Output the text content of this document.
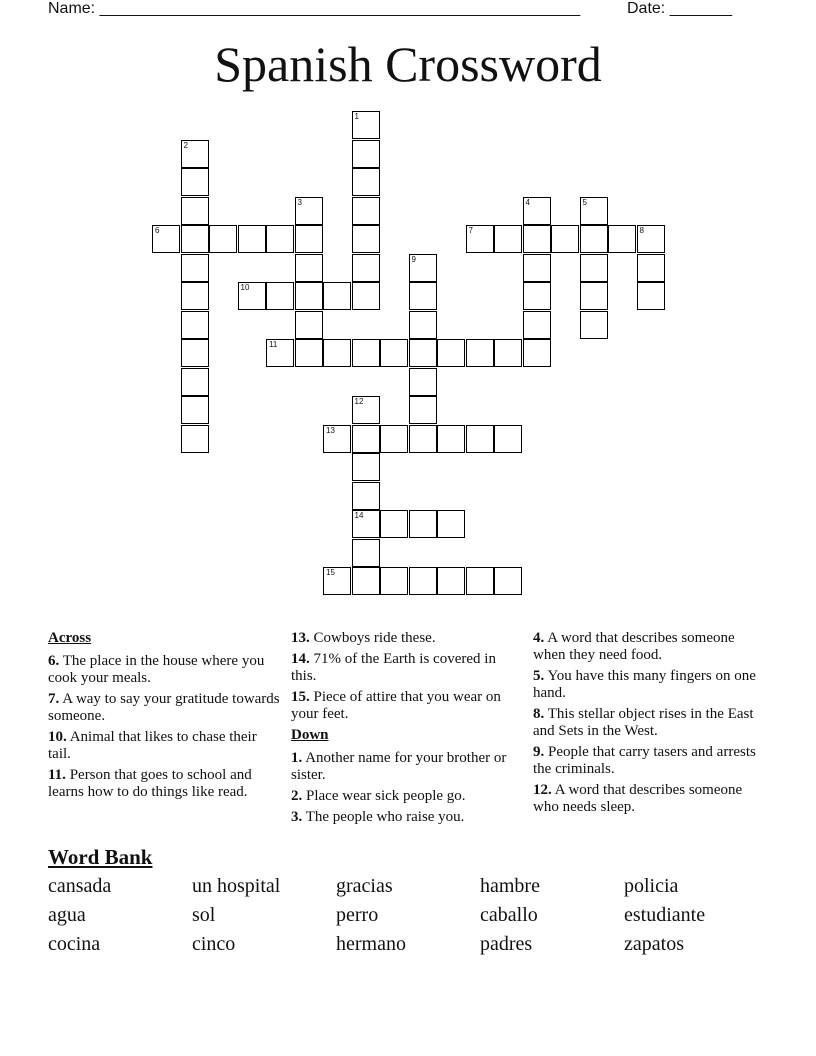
Name: ______________________________________________________	Date: _______
Spanish Crossword
1
2
3	4	5
6	7	8
9
10
11
12
14
13
15
Across
6. The place in the house where you cook your meals.
7. A way to say your gratitude towards someone.
10. Animal that likes to chase their tail.
11. Person that goes to school and learns how to do things like read.
13. Cowboys ride these.
14. 71% of the Earth is covered in this.
15. Piece of attire that you wear on your feet.
Down
1. Another name for your brother or sister.
2. Place wear sick people go.
3. The people who raise you.
4. A word that describes someone when they need food.
5. You have this many fingers on one hand.
8. This stellar object rises in the East and Sets in the West.
9. People that carry tasers and arrests the criminals.
12. A word that describes someone who needs sleep.
Word Bank
cansada	un hospital	gracias	hambre	policia
agua	sol	perro	caballo	estudiante
cocina	cinco	hermano	padres	zapatos
